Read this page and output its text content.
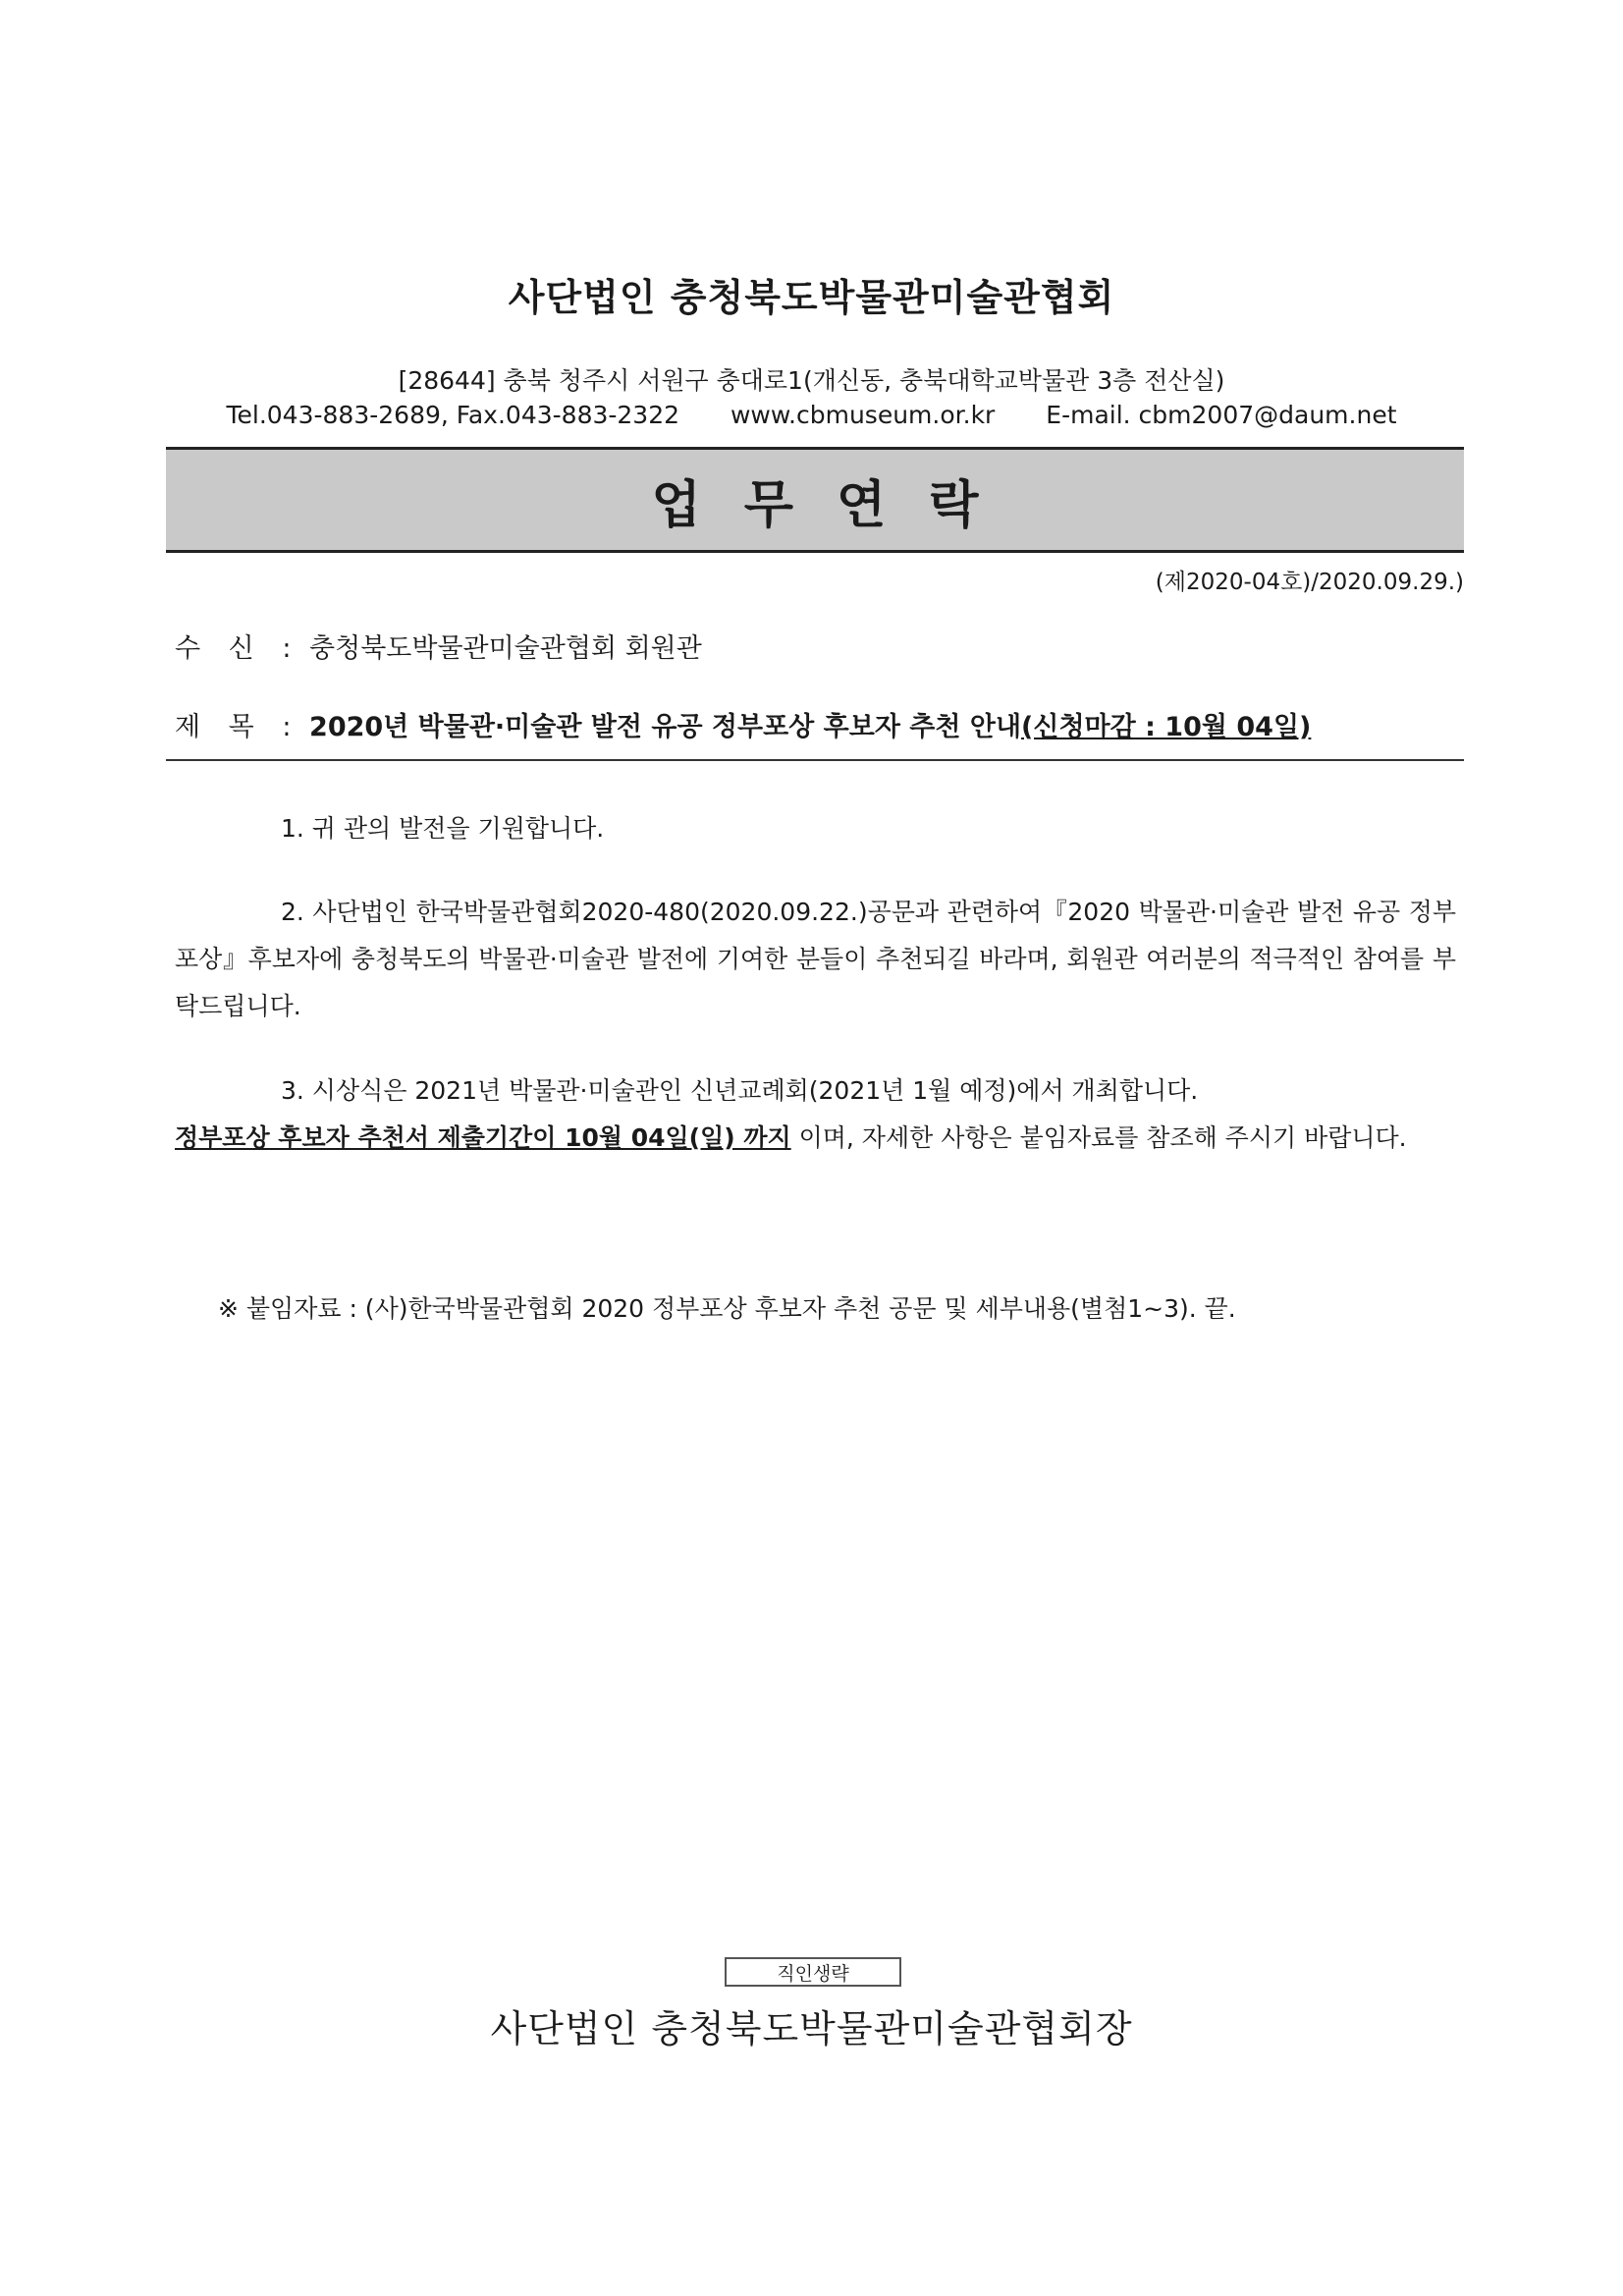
사단법인 충청북도박물관미술관협회
[28644] 충북 청주시 서원구 충대로1(개신동, 충북대학교박물관 3층 전산실)
Tel.043-883-2689, Fax.043-883-2322 www.cbmuseum.or.kr E-mail. cbm2007@daum.net
업무연락
(제2020-04호)/2020.09.29.)
수 신 : 충청북도박물관미술관협회 회원관
제 목 : 2020년 박물관·미술관 발전 유공 정부포상 후보자 추천 안내(신청마감 : 10월 04일)
1. 귀 관의 발전을 기원합니다.
2. 사단법인 한국박물관협회2020-480(2020.09.22.)공문과 관련하여『2020 박물관·미술관 발전 유공 정부포상』후보자에 충청북도의 박물관·미술관 발전에 기여한 분들이 추천되길 바라며, 회원관 여러분의 적극적인 참여를 부탁드립니다.
3. 시상식은 2021년 박물관·미술관인 신년교례회(2021년 1월 예정)에서 개최합니다.
정부포상 후보자 추천서 제출기간이 10월 04일(일) 까지 이며, 자세한 사항은 붙임자료를 참조해 주시기 바랍니다.
※ 붙임자료 : (사)한국박물관협회 2020 정부포상 후보자 추천 공문 및 세부내용(별첨1~3). 끝.
직인생략
사단법인 충청북도박물관미술관협회장
